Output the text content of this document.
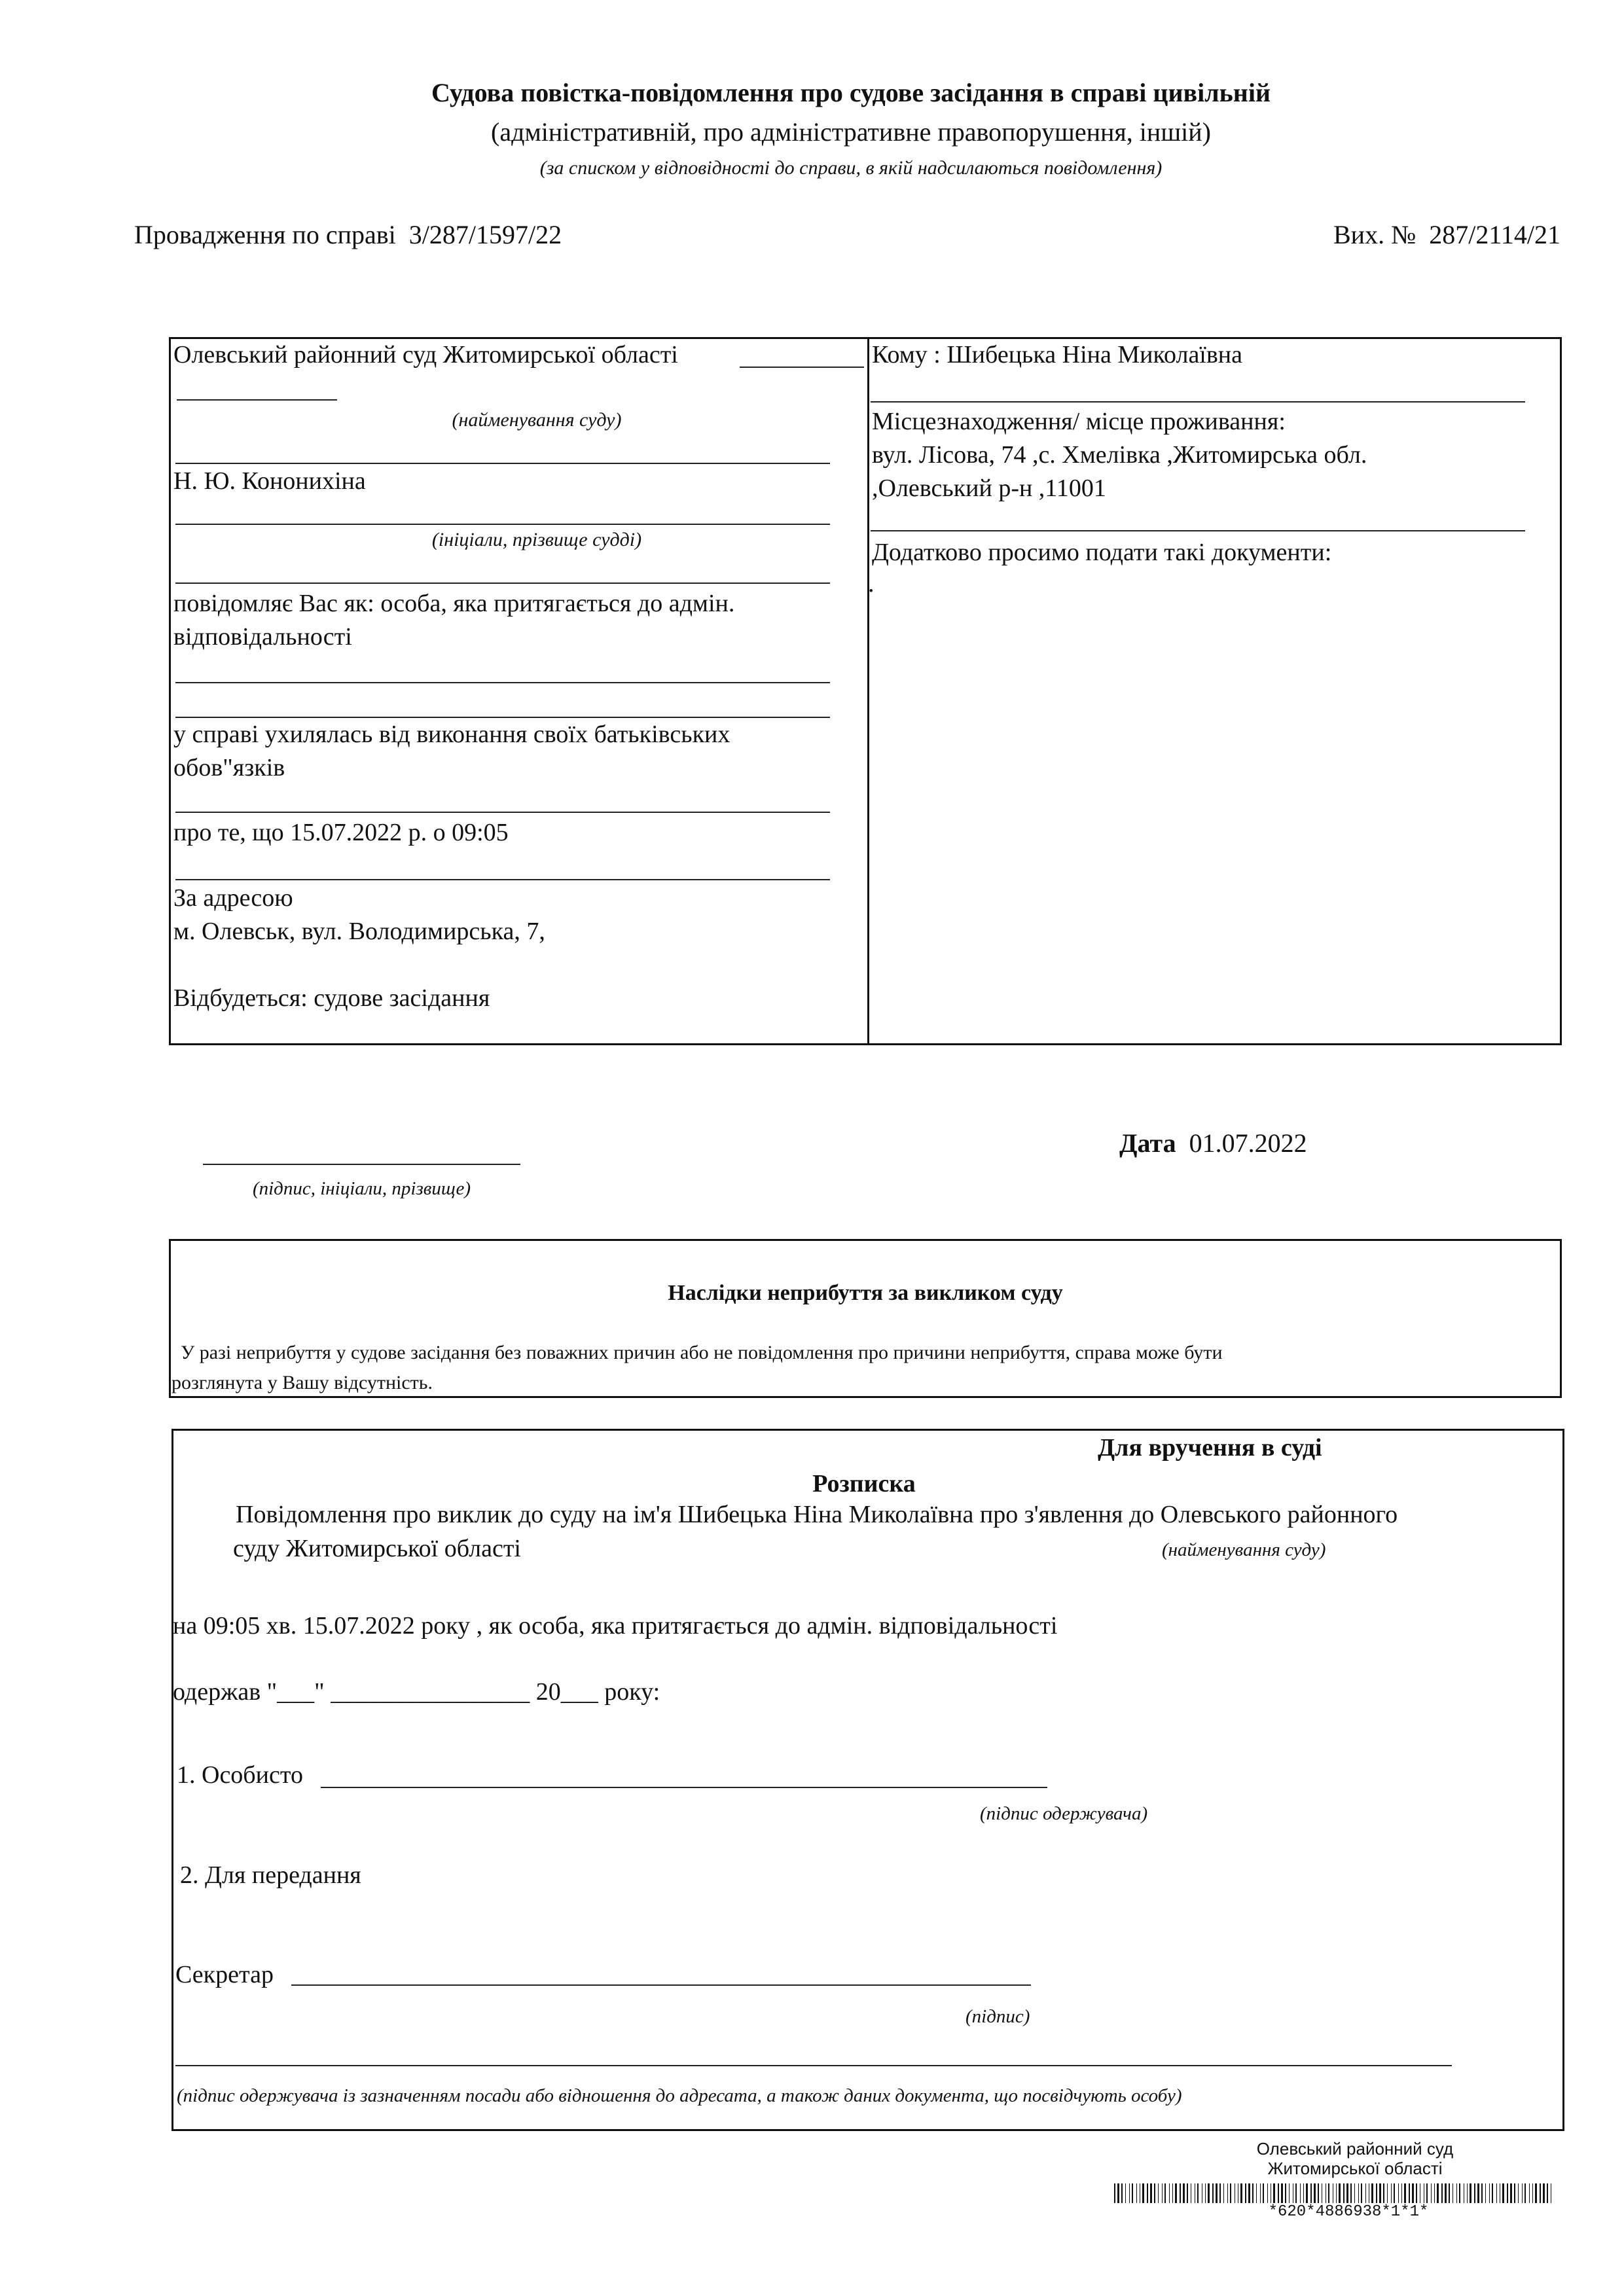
Судова повістка-повідомлення про судове засідання в справі цивільній
(адміністративній, про адміністративне правопорушення, іншій)
(за списком у відповідності до справи, в якій надсилаються повідомлення)
Провадження по справі 3/287/1597/22	Вих. № 287/2114/21
Олевський районний суд Житомирської області
(найменування суду)
Н. Ю. Кононихіна
(ініціали, прізвище судді)
повідомляє Вас як: особа, яка притягається до адмін.
відповідальності
у справі ухилялась від виконання своїх батьківських
обов"язків
про те, що 15.07.2022 р. о 09:05
За адресою
м. Олевськ, вул. Володимирська, 7,
Відбудеться: судове засідання
Кому : Шибецька Ніна Миколаївна
Місцезнаходження/ місце проживання:
вул. Лісова, 74 ,с. Хмелівка ,Житомирська обл.
,Олевський р-н ,11001
Додатково просимо подати такі документи:
.
(підпис, ініціали, прізвище)
Дата 01.07.2022
Наслідки неприбуття за викликом суду
У разі неприбуття у судове засідання без поважних причин або не повідомлення про причини неприбуття, справа може бути
розглянута у Вашу відсутність.
Для вручення в суді
Розписка
Повідомлення про виклик до суду на ім'я Шибецька Ніна Миколаївна про з'явлення до Олевського районного
суду Житомирської області	(найменування суду)
на 09:05 хв. 15.07.2022 року , як особа, яка притягається до адмін. відповідальності
одержав "___" ________________ 20___ року:
1. Особисто
(підпис одержувача)
2. Для передання
Секретар
(підпис)
(підпис одержувача із зазначенням посади або відношення до адресата, а також даних документа, що посвідчують особу)
Олевський районний суд
Житомирської області
*620*4886938*1*1*
